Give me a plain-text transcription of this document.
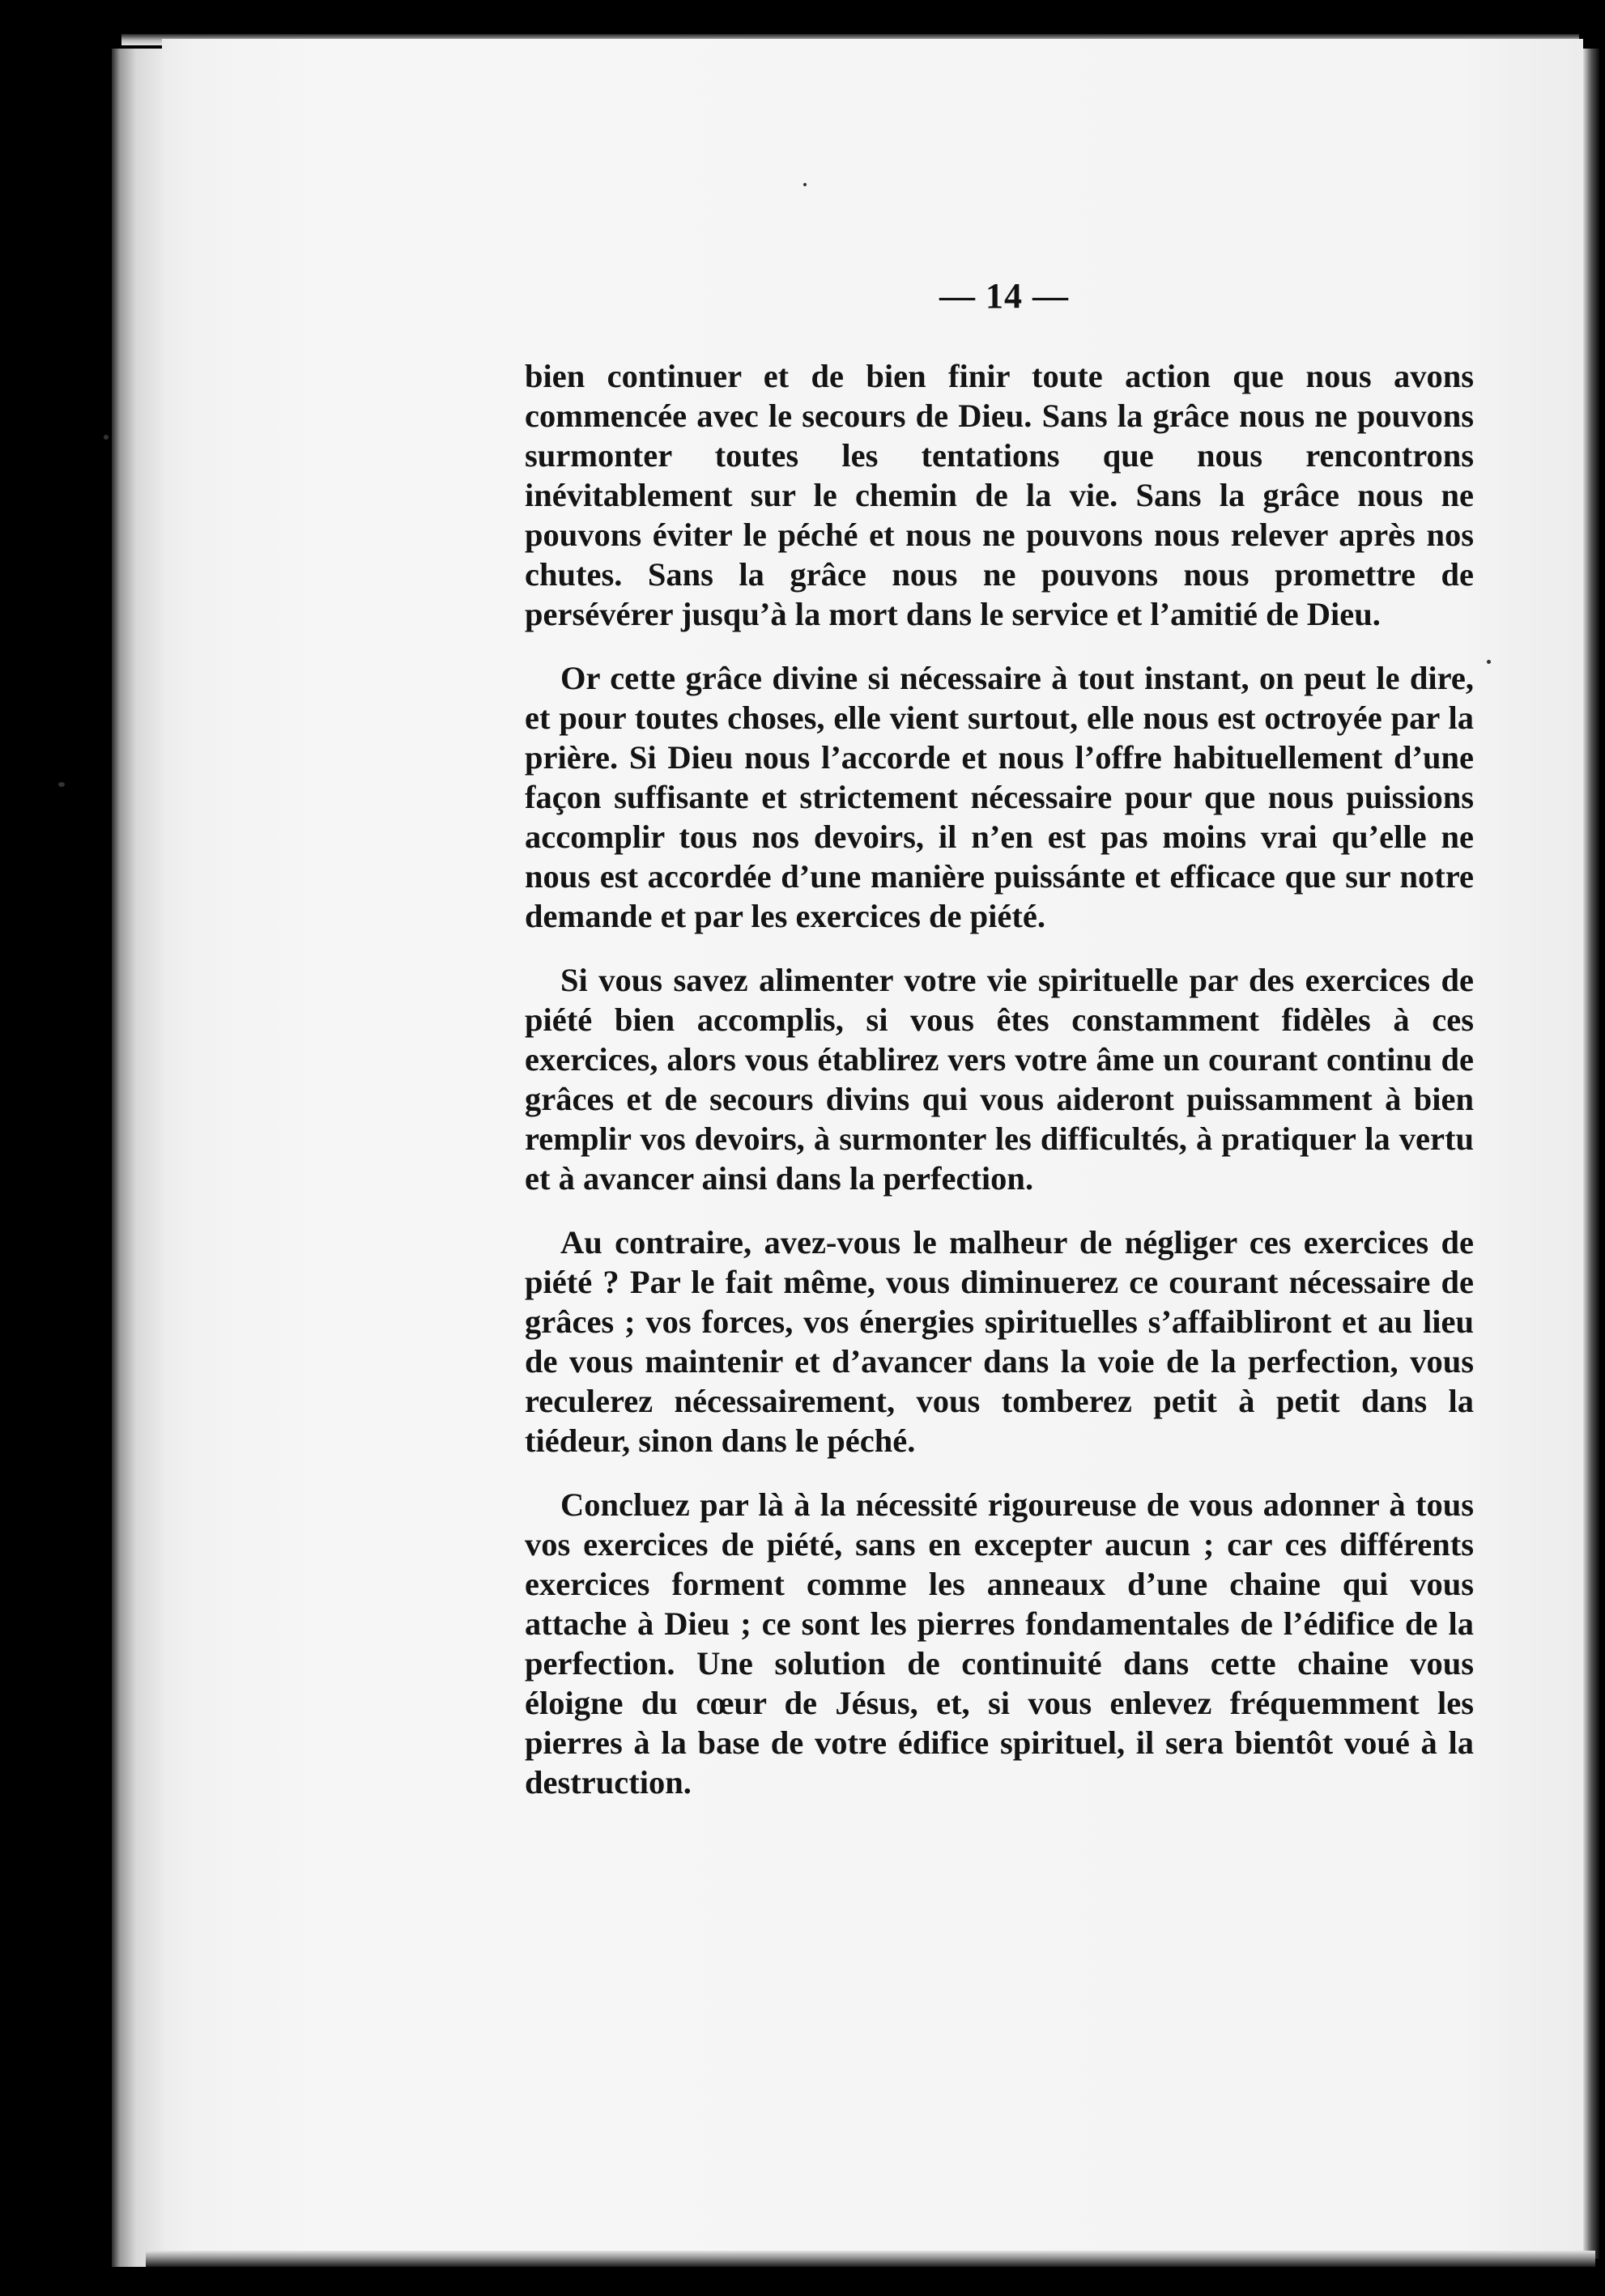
— 14 —

bien continuer et de bien finir toute action que nous avons commencée avec le secours de Dieu. Sans la grâce nous ne pouvons surmonter toutes les tentations que nous rencontrons inévitablement sur le chemin de la vie. Sans la grâce nous ne pouvons éviter le péché et nous ne pouvons nous relever après nos chutes. Sans la grâce nous ne pouvons nous promettre de persévérer jusqu’à la mort dans le service et l’amitié de Dieu.

Or cette grâce divine si nécessaire à tout instant, on peut le dire, et pour toutes choses, elle vient surtout, elle nous est octroyée par la prière. Si Dieu nous l’accorde et nous l’offre habituellement d’une façon suffisante et strictement nécessaire pour que nous puissions accomplir tous nos devoirs, il n’en est pas moins vrai qu’elle ne nous est accordée d’une manière puissánte et efficace que sur notre demande et par les exercices de piété.

Si vous savez alimenter votre vie spirituelle par des exercices de piété bien accomplis, si vous êtes constamment fidèles à ces exercices, alors vous établirez vers votre âme un courant continu de grâces et de secours divins qui vous aideront puissamment à bien remplir vos devoirs, à surmonter les difficultés, à pratiquer la vertu et à avancer ainsi dans la perfection.

Au contraire, avez-vous le malheur de négliger ces exercices de piété ? Par le fait même, vous diminuerez ce courant nécessaire de grâces ; vos forces, vos énergies spirituelles s’affaibliront et au lieu de vous maintenir et d’avancer dans la voie de la perfection, vous reculerez nécessairement, vous tomberez petit à petit dans la tiédeur, sinon dans le péché.

Concluez par là à la nécessité rigoureuse de vous adonner à tous vos exercices de piété, sans en excepter aucun ; car ces différents exercices forment comme les anneaux d’une chaine qui vous attache à Dieu ; ce sont les pierres fondamentales de l’édifice de la perfection. Une solution de continuité dans cette chaine vous éloigne du cœur de Jésus, et, si vous enlevez fréquemment les pierres à la base de votre édifice spirituel, il sera bientôt voué à la destruction.
